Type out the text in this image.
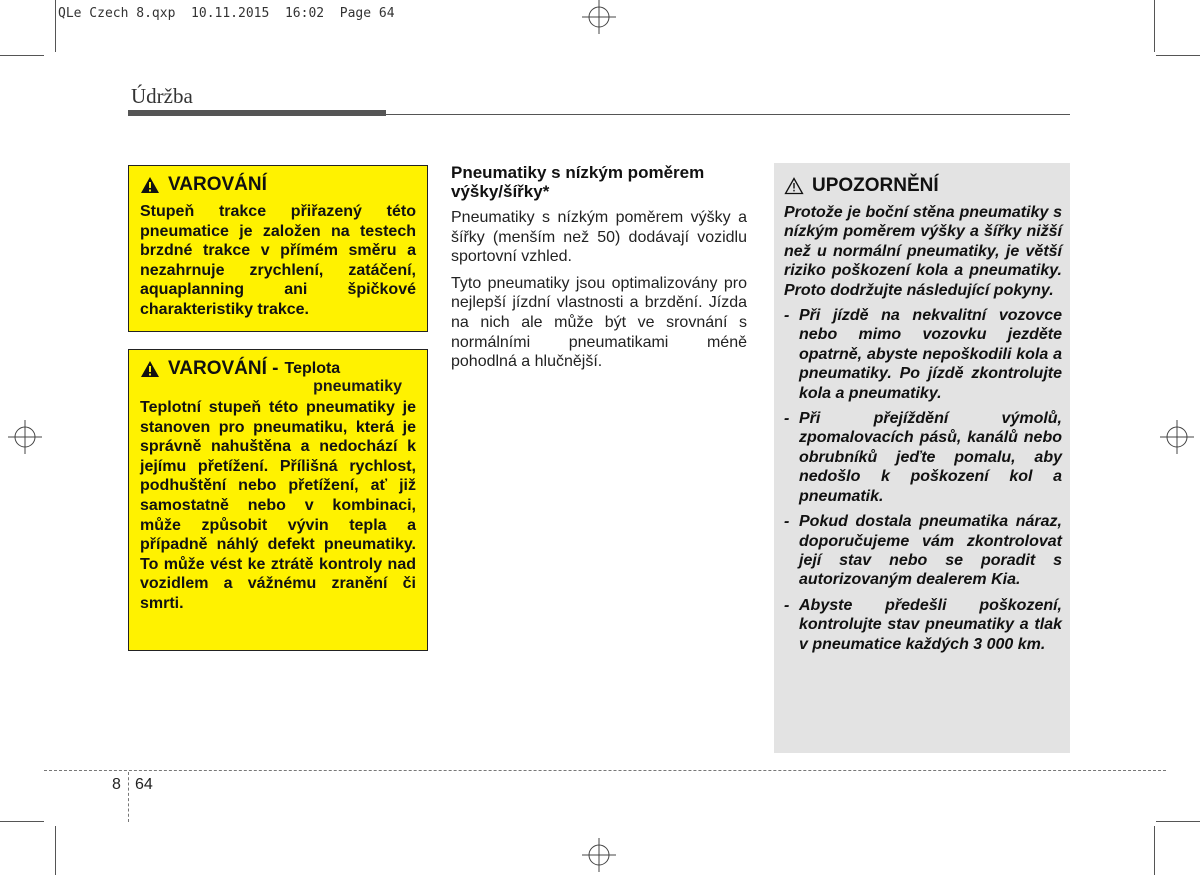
QLe Czech 8.qxp  10.11.2015  16:02  Page 64
Údržba
VAROVÁNÍ
Stupeň trakce přiřazený této pneumatice je založen na testech brzdné trakce v přímém směru a nezahrnuje zrychlení, zatáčení, aquaplanning ani špičkové charakteristiky trakce.
VAROVÁNÍ - Teplota
pneumatiky
Teplotní stupeň této pneumatiky je stanoven pro pneumatiku, která je správně nahuštěna a nedochází k jejímu přetížení. Přílišná rychlost, podhuštění nebo přetížení, ať již samostatně nebo v kombinaci, může způsobit vývin tepla a případně náhlý defekt pneumatiky. To může vést ke ztrátě kontroly nad vozidlem a vážnému zranění či smrti.
Pneumatiky s nízkým poměrem výšky/šířky*

Pneumatiky s nízkým poměrem výšky a šířky (menším než 50) dodávají vozidlu sportovní vzhled.

Tyto pneumatiky jsou optimalizovány pro nejlepší jízdní vlastnosti a brzdění. Jízda na nich ale může být ve srovnání s normálními pneumatikami méně pohodlná a hlučnější.

UPOZORNĚNÍ
Protože je boční stěna pneumatiky s nízkým poměrem výšky a šířky nižší než u normální pneumatiky, je větší riziko poškození kola a pneumatiky. Proto dodržujte následující pokyny.
- Při jízdě na nekvalitní vozovce nebo mimo vozovku jezděte opatrně, abyste nepoškodili kola a pneumatiky. Po jízdě zkontrolujte kola a pneumatiky.
- Při přejíždění výmolů, zpomalovacích pásů, kanálů nebo obrubníků jeďte pomalu, aby nedošlo k poškození kol a pneumatik.
- Pokud dostala pneumatika náraz, doporučujeme vám zkontrolovat její stav nebo se poradit s autorizovaným dealerem Kia.
- Abyste předešli poškození, kontrolujte stav pneumatiky a tlak v pneumatice každých 3 000 km.
8 64
